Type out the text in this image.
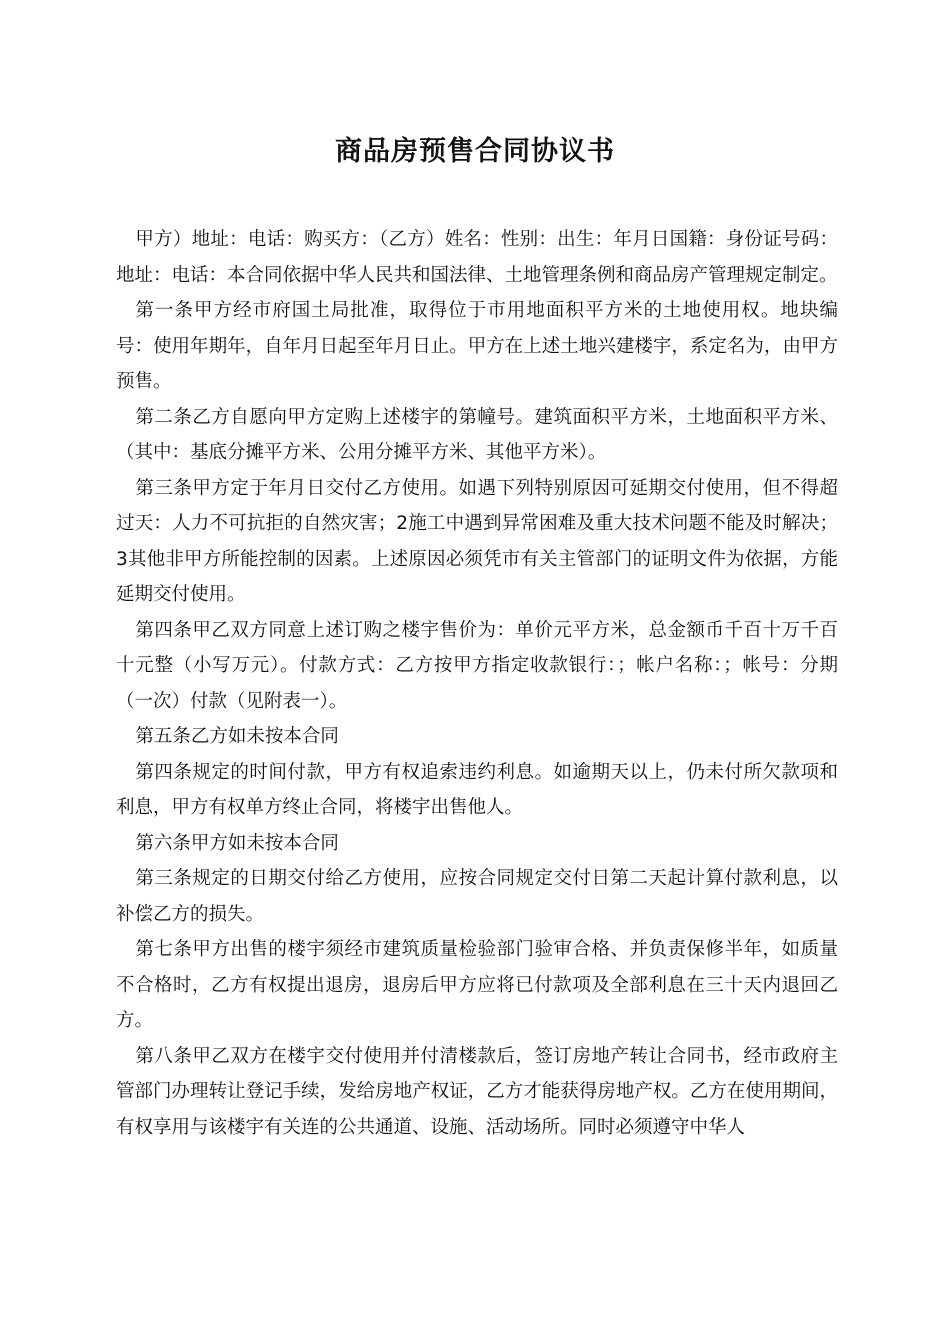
商品房预售合同协议书

甲方）地址：电话：购买方：（乙方）姓名：性别：出生：年月日国籍：身份证号码：地址：电话：本合同依据中华人民共和国法律、土地管理条例和商品房产管理规定制定。

第一条甲方经市府国土局批准，取得位于市用地面积平方米的土地使用权。地块编号：使用年期年，自年月日起至年月日止。甲方在上述土地兴建楼宇，系定名为，由甲方预售。

第二条乙方自愿向甲方定购上述楼宇的第幢号。建筑面积平方米，土地面积平方米、（其中：基底分摊平方米、公用分摊平方米、其他平方米）。

第三条甲方定于年月日交付乙方使用。如遇下列特别原因可延期交付使用，但不得超过天：人力不可抗拒的自然灾害；2施工中遇到异常困难及重大技术问题不能及时解决；3其他非甲方所能控制的因素。上述原因必须凭市有关主管部门的证明文件为依据，方能延期交付使用。

第四条甲乙双方同意上述订购之楼宇售价为：单价元平方米，总金额币千百十万千百十元整（小写万元）。付款方式：乙方按甲方指定收款银行：；帐户名称：；帐号：分期（一次）付款（见附表一）。

第五条乙方如未按本合同

第四条规定的时间付款，甲方有权追索违约利息。如逾期天以上，仍未付所欠款项和利息，甲方有权单方终止合同，将楼宇出售他人。

第六条甲方如未按本合同

第三条规定的日期交付给乙方使用，应按合同规定交付日第二天起计算付款利息，以补偿乙方的损失。

第七条甲方出售的楼宇须经市建筑质量检验部门验审合格、并负责保修半年，如质量不合格时，乙方有权提出退房，退房后甲方应将已付款项及全部利息在三十天内退回乙方。

第八条甲乙双方在楼宇交付使用并付清楼款后，签订房地产转让合同书，经市政府主管部门办理转让登记手续，发给房地产权证，乙方才能获得房地产权。乙方在使用期间，有权享用与该楼宇有关连的公共通道、设施、活动场所。同时必须遵守中华人
